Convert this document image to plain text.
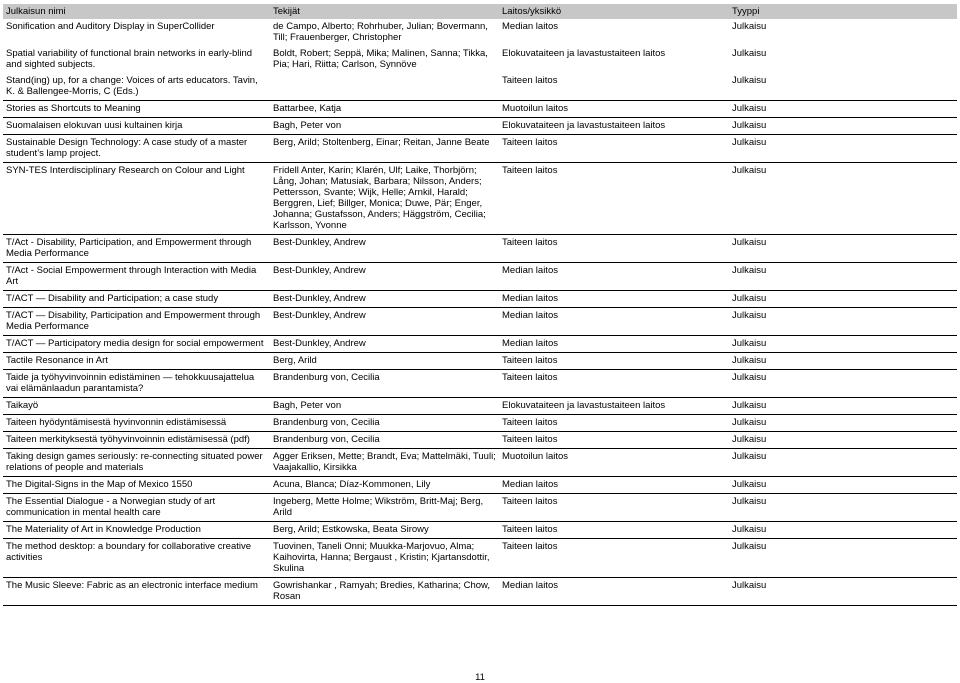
Julkaisun nimi	Tekijät	Laitos/yksikkö	Tyyppi
Sonification and Auditory Display in SuperCollider	de Campo, Alberto; Rohrhuber, Julian; Bovermann, Till; Frauenberger, Christopher	Median laitos	Julkaisu
Spatial variability of functional brain networks in early-blind and sighted subjects.	Boldt, Robert; Seppä, Mika; Malinen, Sanna; Tikka, Pia; Hari, Riitta; Carlson, Synnöve	Elokuvataiteen ja lavastustaiteen laitos	Julkaisu
Stand(ing) up, for a change: Voices of arts educators. Tavin, K. & Ballengee-Morris, C (Eds.)		Taiteen laitos	Julkaisu
Stories as Shortcuts to Meaning	Battarbee, Katja	Muotoilun laitos	Julkaisu
Suomalaisen elokuvan uusi kultainen kirja	Bagh, Peter von	Elokuvataiteen ja lavastustaiteen laitos	Julkaisu
Sustainable Design Technology: A case study of a master student’s lamp project.	Berg, Arild; Stoltenberg, Einar; Reitan, Janne Beate	Taiteen laitos	Julkaisu
SYN-TES Interdisciplinary Research on Colour and Light	Fridell Anter, Karin; Klarén, Ulf; Laike, Thorbjörn; Lång, Johan; Matusiak, Barbara; Nilsson, Anders; Pettersson, Svante; Wijk, Helle; Arnkil, Harald; Berggren, Lief; Billger, Monica; Duwe, Pär; Enger, Johanna; Gustafsson, Anders; Häggström, Cecilia; Karlsson, Yvonne	Taiteen laitos	Julkaisu
T/Act - Disability, Participation, and Empowerment through Media Performance	Best-Dunkley, Andrew	Taiteen laitos	Julkaisu
T/Act - Social Empowerment through Interaction with Media Art	Best-Dunkley, Andrew	Median laitos	Julkaisu
T/ACT — Disability and Participation; a case study	Best-Dunkley, Andrew	Median laitos	Julkaisu
T/ACT — Disability, Participation and Empowerment through Media Performance	Best-Dunkley, Andrew	Median laitos	Julkaisu
T/ACT — Participatory media design for social empowerment	Best-Dunkley, Andrew	Median laitos	Julkaisu
Tactile Resonance in Art	Berg, Arild	Taiteen laitos	Julkaisu
Taide ja työhyvinvoinnin edistäminen — tehokkuusajattelua vai elämänlaadun parantamista?	Brandenburg von, Cecilia	Taiteen laitos	Julkaisu
Taikayö	Bagh, Peter von	Elokuvataiteen ja lavastustaiteen laitos	Julkaisu
Taiteen hyödyntämisestä hyvinvonnin edistämisessä	Brandenburg von, Cecilia	Taiteen laitos	Julkaisu
Taiteen merkityksestä työhyvinvoinnin edistämisessä (pdf)	Brandenburg von, Cecilia	Taiteen laitos	Julkaisu
Taking design games seriously: re-connecting situated power relations of people and materials	Agger Eriksen, Mette; Brandt, Eva; Mattelmäki, Tuuli; Vaajakallio, Kirsikka	Muotoilun laitos	Julkaisu
The Digital-Signs in the Map of Mexico 1550	Acuna, Blanca; Díaz-Kommonen, Lily	Median laitos	Julkaisu
The Essential Dialogue - a Norwegian study of art communication in mental health care	Ingeberg, Mette Holme; Wikström, Britt-Maj; Berg, Arild	Taiteen laitos	Julkaisu
The Materiality of Art in Knowledge Production	Berg, Arild; Estkowska, Beata Sirowy	Taiteen laitos	Julkaisu
The method desktop: a boundary for collaborative creative activities	Tuovinen, Taneli Onni; Muukka-Marjovuo, Alma; Kaihovirta, Hanna; Bergaust , Kristin; Kjartansdottir, Skulina	Taiteen laitos	Julkaisu
The Music Sleeve: Fabric as an electronic interface medium	Gowrishankar , Ramyah; Bredies, Katharina; Chow, Rosan	Median laitos	Julkaisu
11
